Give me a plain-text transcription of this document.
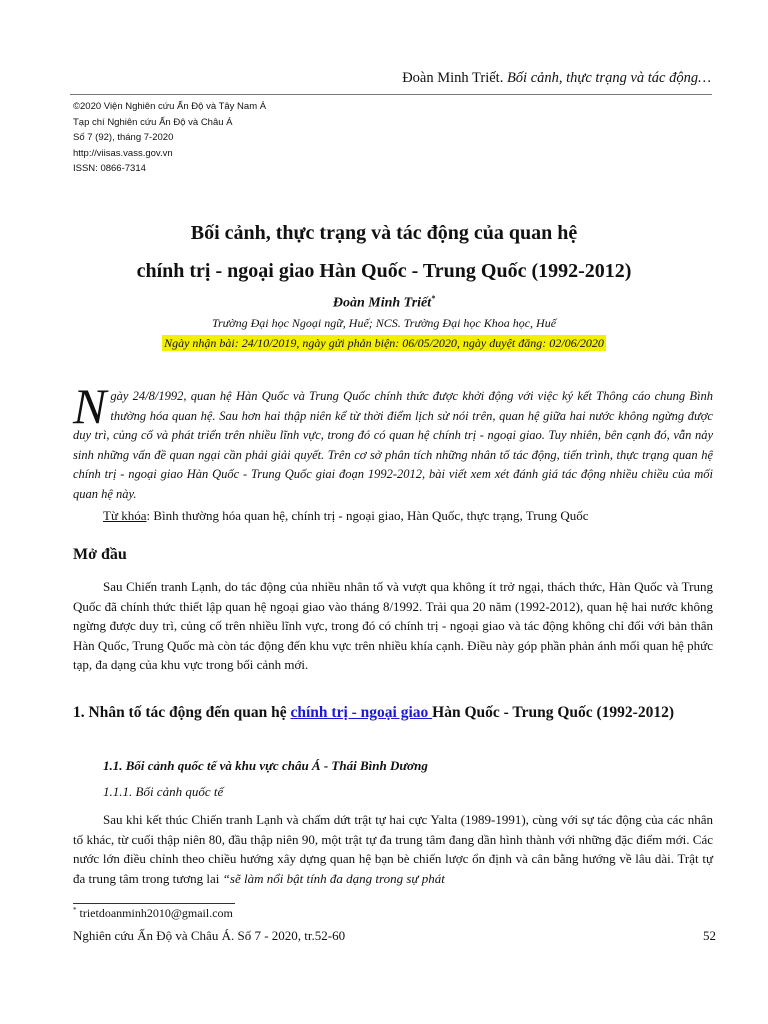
Đoàn Minh Triết. Bối cảnh, thực trạng và tác động…
©2020 Viện Nghiên cứu Ấn Độ và Tây Nam Á
Tạp chí Nghiên cứu Ấn Độ và Châu Á
Số 7 (92), tháng 7-2020
http://viisas.vass.gov.vn
ISSN: 0866-7314
Bối cảnh, thực trạng và tác động của quan hệ
chính trị - ngoại giao Hàn Quốc - Trung Quốc (1992-2012)
Đoàn Minh Triết*
Trường Đại học Ngoại ngữ, Huế; NCS. Trường Đại học Khoa học, Huế
Ngày nhận bài: 24/10/2019, ngày gửi phản biện: 06/05/2020, ngày duyệt đăng: 02/06/2020
Ngày 24/8/1992, quan hệ Hàn Quốc và Trung Quốc chính thức được khởi động với việc ký kết Thông cáo chung Bình thường hóa quan hệ. Sau hơn hai thập niên kể từ thời điểm lịch sử nói trên, quan hệ giữa hai nước không ngừng được duy trì, củng cố và phát triển trên nhiều lĩnh vực, trong đó có quan hệ chính trị - ngoại giao. Tuy nhiên, bên cạnh đó, vẫn nảy sinh những vấn đề quan ngại cần phải giải quyết. Trên cơ sở phân tích những nhân tố tác động, tiến trình, thực trạng quan hệ chính trị - ngoại giao Hàn Quốc - Trung Quốc giai đoạn 1992-2012, bài viết xem xét đánh giá tác động nhiều chiều của mối quan hệ này.
Từ khóa: Bình thường hóa quan hệ, chính trị - ngoại giao, Hàn Quốc, thực trạng, Trung Quốc
Mở đầu
Sau Chiến tranh Lạnh, do tác động của nhiều nhân tố và vượt qua không ít trở ngại, thách thức, Hàn Quốc và Trung Quốc đã chính thức thiết lập quan hệ ngoại giao vào tháng 8/1992. Trải qua 20 năm (1992-2012), quan hệ hai nước không ngừng được duy trì, củng cố trên nhiều lĩnh vực, trong đó có chính trị - ngoại giao và tác động không chỉ đối với bản thân Hàn Quốc, Trung Quốc mà còn tác động đến khu vực trên nhiều khía cạnh. Điều này góp phần phản ánh mối quan hệ phức tạp, đa dạng của khu vực trong bối cảnh mới.
1. Nhân tố tác động đến quan hệ chính trị - ngoại giao Hàn Quốc - Trung Quốc (1992-2012)
1.1. Bối cảnh quốc tế và khu vực châu Á - Thái Bình Dương
1.1.1. Bối cảnh quốc tế
Sau khi kết thúc Chiến tranh Lạnh và chấm dứt trật tự hai cực Yalta (1989-1991), cùng với sự tác động của các nhân tố khác, từ cuối thập niên 80, đầu thập niên 90, một trật tự đa trung tâm đang dần hình thành với những đặc điểm mới. Các nước lớn điều chỉnh theo chiều hướng xây dựng quan hệ bạn bè chiến lược ổn định và cân bằng hướng về lâu dài. Trật tự đa trung tâm trong tương lai “sẽ làm nổi bật tính đa dạng trong sự phát
* trietdoanminh2010@gmail.com
Nghiên cứu Ấn Độ và Châu Á. Số 7 - 2020, tr.52-60	52
